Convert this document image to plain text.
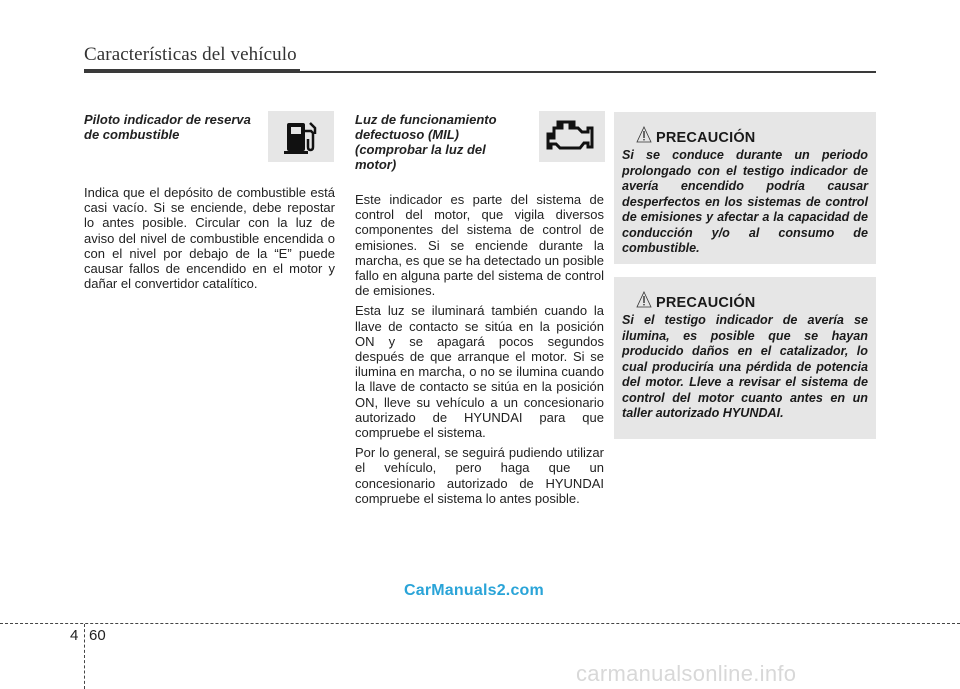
Características del vehículo
Piloto indicador de reserva de combustible

Indica que el depósito de combustible está casi vacío. Si se enciende, debe repostar lo antes posible. Circular con la luz de aviso del nivel de combustible encendida o con el nivel por debajo de la “E” puede causar fallos de encendido en el motor y dañar el convertidor catalítico.

Luz de funcionamiento
defectuoso (MIL)
(comprobar la luz del
motor)

Este indicador es parte del sistema de control del motor, que vigila diversos componentes del sistema de control de emisiones. Si se enciende durante la marcha, es que se ha detectado un posible fallo en alguna parte del sistema de control de emisiones.

Esta luz se iluminará también cuando la llave de contacto se sitúa en la posición ON y se apagará pocos segundos después de que arranque el motor. Si se ilumina en marcha, o no se ilumina cuando la llave de contacto se sitúa en la posición ON, lleve su vehículo a un concesionario autorizado de HYUNDAI para que compruebe el sistema.

Por lo general, se seguirá pudiendo utilizar el vehículo, pero haga que un concesionario autorizado de HYUNDAI compruebe el sistema lo antes posible.

PRECAUCIÓN
Si se conduce durante un periodo prolongado con el testigo indicador de avería encendido podría causar desperfectos en los sistemas de control de emisiones y afectar a la capacidad de conducción y/o al consumo de combustible.
PRECAUCIÓN
Si el testigo indicador de avería se ilumina, es posible que se hayan producido daños en el catalizador, lo cual produciría una pérdida de potencia del motor. Lleve a revisar el sistema de control del motor cuanto antes en un taller autorizado HYUNDAI.
CarManuals2.com
4 60
carmanualsonline.info
